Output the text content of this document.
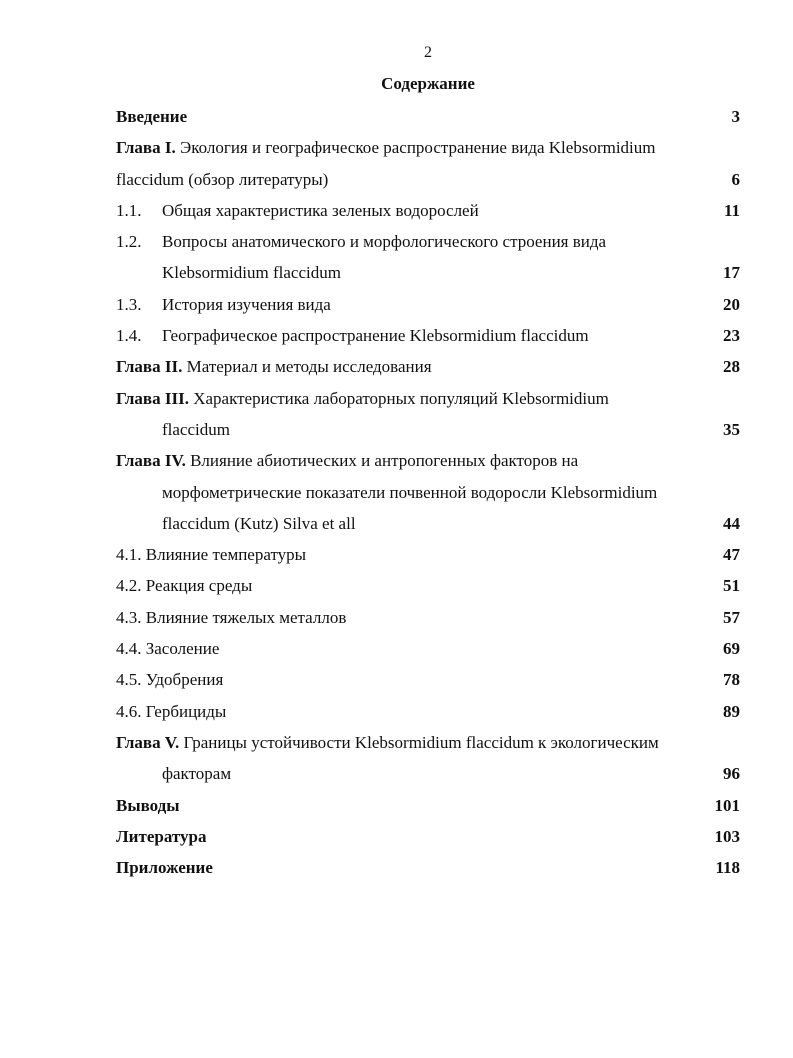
2
Содержание
Введение	3
Глава I. Экология и географическое распространение вида Klebsormidium
flaccidum (обзор литературы)	6
1.1. Общая характеристика зеленых водорослей	11
1.2. Вопросы анатомического и морфологического строения вида
Klebsormidium flaccidum	17
1.3. История изучения вида	20
1.4. Географическое распространение Klebsormidium flaccidum	23
Глава II. Материал и методы исследования	28
Глава III. Характеристика лабораторных популяций Klebsormidium
flaccidum	35
Глава IV. Влияние абиотических и антропогенных факторов на
морфометрические показатели почвенной водоросли Klebsormidium
flaccidum (Kutz) Silva et all	44
4.1. Влияние температуры	47
4.2. Реакция среды	51
4.3. Влияние тяжелых металлов	57
4.4. Засоление	69
4.5. Удобрения	78
4.6. Гербициды	89
Глава V. Границы устойчивости Klebsormidium flaccidum к экологическим
факторам	96
Выводы	101
Литература	103
Приложение	118
